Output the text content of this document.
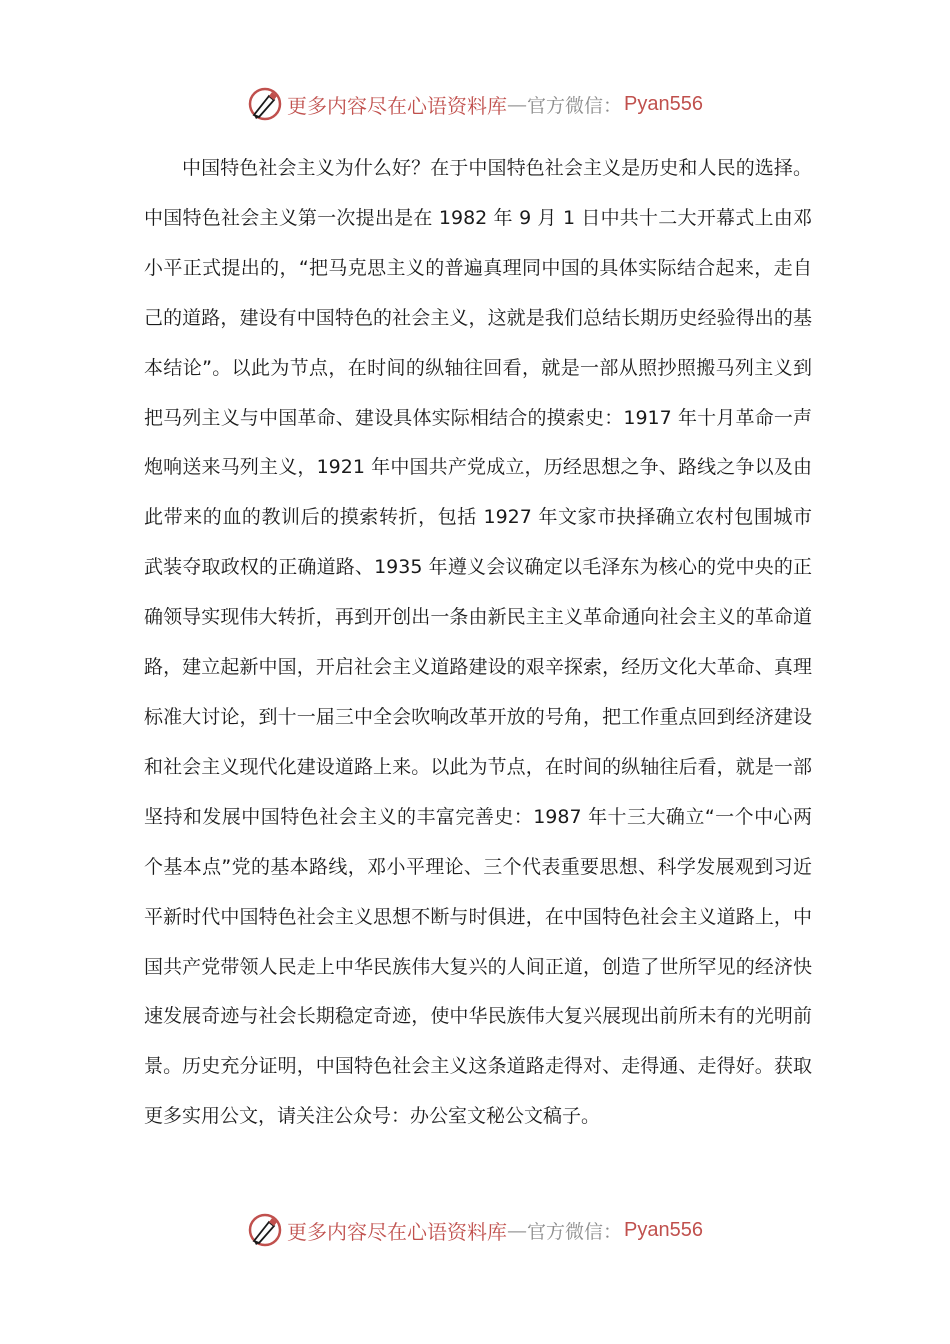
更多内容尽在心语资料库 — 官方微信： Pyan556

中国特色社会主义为什么好？在于中国特色社会主义是历史和人民的选择。中国特色社会主义第一次提出是在 1982 年 9 月 1 日中共十二大开幕式上由邓小平正式提出的，“把马克思主义的普遍真理同中国的具体实际结合起来，走自己的道路，建设有中国特色的社会主义，这就是我们总结长期历史经验得出的基本结论”。以此为节点，在时间的纵轴往回看，就是一部从照抄照搬马列主义到把马列主义与中国革命、建设具体实际相结合的摸索史：1917 年十月革命一声炮响送来马列主义，1921 年中国共产党成立，历经思想之争、路线之争以及由此带来的血的教训后的摸索转折，包括 1927 年文家市抉择确立农村包围城市武装夺取政权的正确道路、1935 年遵义会议确定以毛泽东为核心的党中央的正确领导实现伟大转折，再到开创出一条由新民主主义革命通向社会主义的革命道路，建立起新中国，开启社会主义道路建设的艰辛探索，经历文化大革命、真理标准大讨论，到十一届三中全会吹响改革开放的号角，把工作重点回到经济建设和社会主义现代化建设道路上来。以此为节点，在时间的纵轴往后看，就是一部坚持和发展中国特色社会主义的丰富完善史：1987 年十三大确立“一个中心两个基本点”党的基本路线，邓小平理论、三个代表重要思想、科学发展观到习近平新时代中国特色社会主义思想不断与时俱进，在中国特色社会主义道路上，中国共产党带领人民走上中华民族伟大复兴的人间正道，创造了世所罕见的经济快速发展奇迹与社会长期稳定奇迹，使中华民族伟大复兴展现出前所未有的光明前景。历史充分证明，中国特色社会主义这条道路走得对、走得通、走得好。获取更多实用公文，请关注公众号：办公室文秘公文稿子。

更多内容尽在心语资料库 — 官方微信： Pyan556
